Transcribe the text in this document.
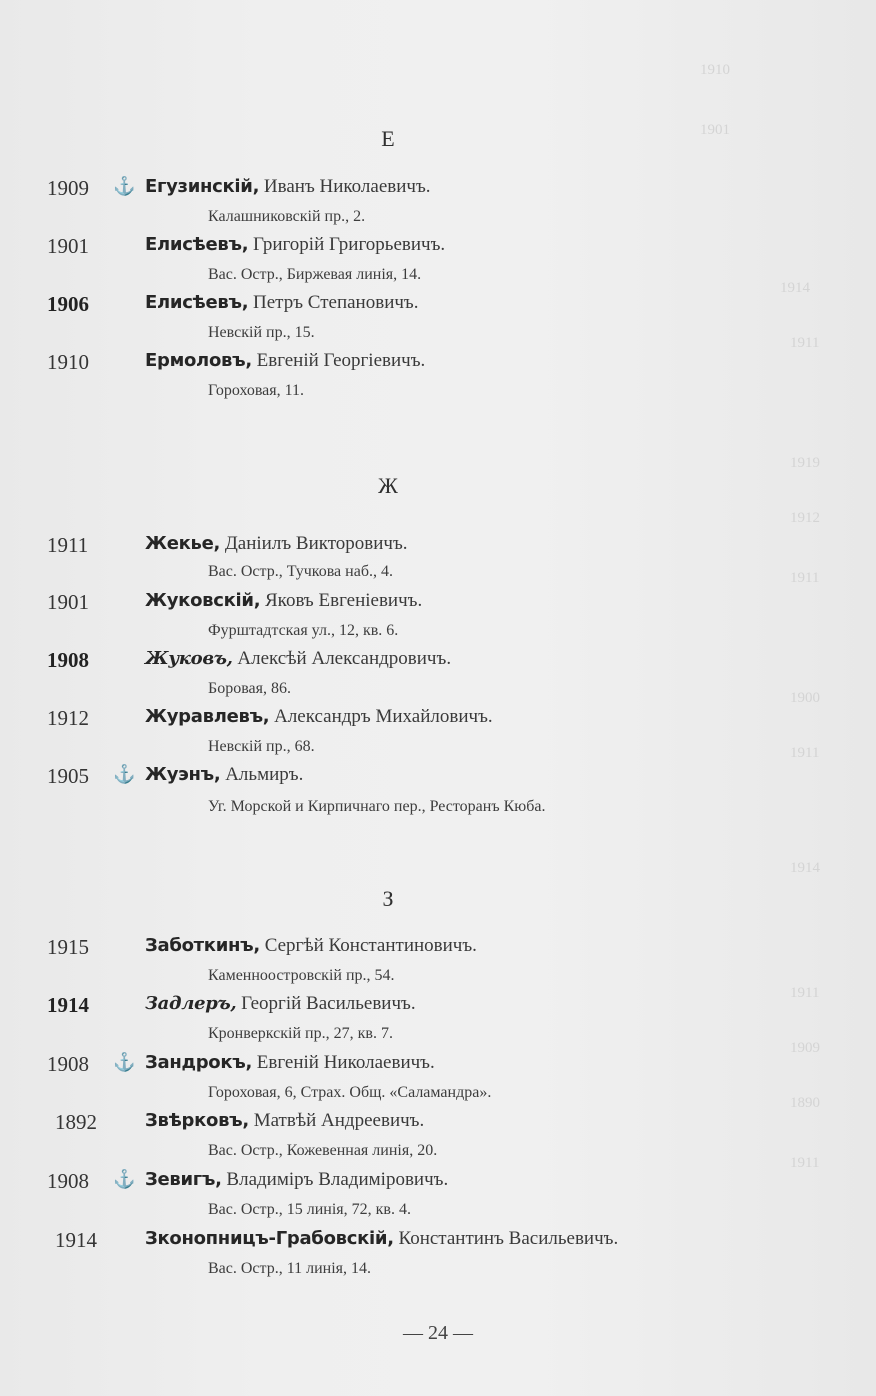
1910
1901
1914
1911
1919
1912
1911
1900
1911
1914
1911
1909
1890
1911
Е
1909	⚓ Егузинскій, Иванъ Николаевичъ.
Калашниковскій пр., 2.
1901	Елисѣевъ, Григорій Григорьевичъ.
Вас. Остр., Биржевая линія, 14.
1906	Елисѣевъ, Петръ Степановичъ.
Невскій пр., 15.
1910	Ермоловъ, Евгеній Георгіевичъ.
Гороховая, 11.
Ж
1911	Жекье, Даніилъ Викторовичъ.
Вас. Остр., Тучкова наб., 4.
1901	Жуковскій, Яковъ Евгеніевичъ.
Фурштадтская ул., 12, кв. 6.
1908	Жуковъ, Алексѣй Александровичъ.
Боровая, 86.
1912	Журавлевъ, Александръ Михайловичъ.
Невскій пр., 68.
1905	⚓ Жуэнъ, Альмиръ.
Уг. Морской и Кирпичнаго пер., Ресторанъ Кюба.
З
1915	Заботкинъ, Сергѣй Константиновичъ.
Каменноостровскій пр., 54.
1914	Задлеръ, Георгій Васильевичъ.
Кронверкскій пр., 27, кв. 7.
1908	⚓ Зандрокъ, Евгеній Николаевичъ.
Гороховая, 6, Страх. Общ. «Саламандра».
1892	Звѣрковъ, Матвѣй Андреевичъ.
Вас. Остр., Кожевенная линія, 20.
1908	⚓ Зевигъ, Владиміръ Владиміровичъ.
Вас. Остр., 15 линія, 72, кв. 4.
1914	Зконопницъ-Грабовскій, Константинъ Васильевичъ.
Вас. Остр., 11 линія, 14.
— 24 —
